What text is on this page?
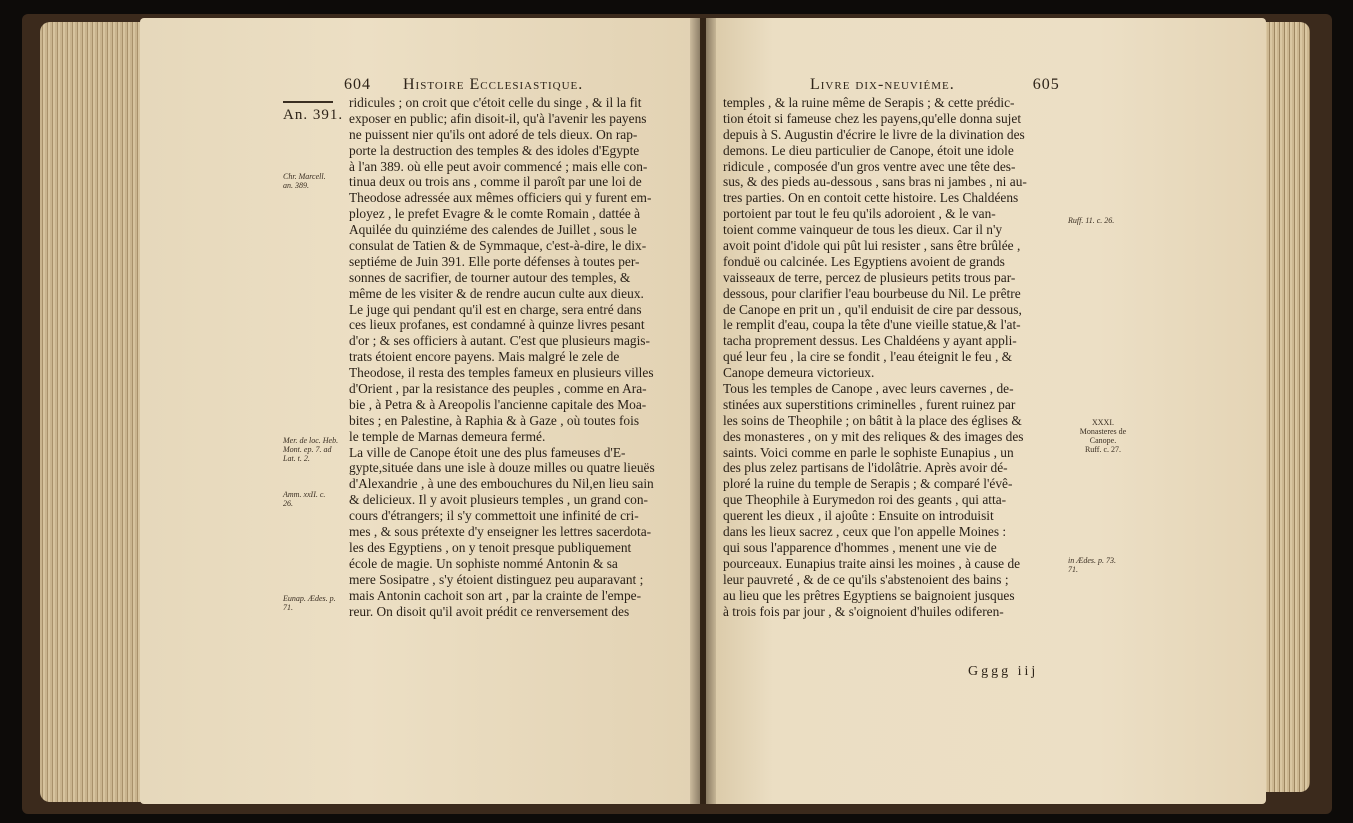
604 Histoire Ecclesiastique.
An. 391.
Chr. Marcell.
an. 389.
Mer. de loc. Heb.
Mont. ep. 7. ad
Lat. t. 2.
Amm. xxII. c.
26.
Eunap. Ædes. p.
71.
ridicules ; on croit que c'étoit celle du singe , & il la fit
exposer en public; afin disoit-il, qu'à l'avenir les payens
ne puissent nier qu'ils ont adoré de tels dieux. On rap-
porte la destruction des temples & des idoles d'Egypte
à l'an 389. où elle peut avoir commencé ; mais elle con-
tinua deux ou trois ans , comme il paroît par une loi de
Theodose adressée aux mêmes officiers qui y furent em-
ployez , le prefet Evagre & le comte Romain , dattée à
Aquilée du quinziéme des calendes de Juillet , sous le
consulat de Tatien & de Symmaque, c'est-à-dire, le dix-
septiéme de Juin 391. Elle porte défenses à toutes per-
sonnes de sacrifier, de tourner autour des temples, &
même de les visiter & de rendre aucun culte aux dieux.
Le juge qui pendant qu'il est en charge, sera entré dans
ces lieux profanes, est condamné à quinze livres pesant
d'or ; & ses officiers à autant. C'est que plusieurs magis-
trats étoient encore payens. Mais malgré le zele de
Theodose, il resta des temples fameux en plusieurs villes
d'Orient , par la resistance des peuples , comme en Ara-
bie , à Petra & à Areopolis l'ancienne capitale des Moa-
bites ; en Palestine, à Raphia & à Gaze , où toutes fois
le temple de Marnas demeura fermé.
La ville de Canope étoit une des plus fameuses d'E-
gypte,située dans une isle à douze milles ou quatre lieuës
d'Alexandrie , à une des embouchures du Nil,en lieu sain
& delicieux. Il y avoit plusieurs temples , un grand con-
cours d'étrangers; il s'y commettoit une infinité de cri-
mes , & sous prétexte d'y enseigner les lettres sacerdota-
les des Egyptiens , on y tenoit presque publiquement
école de magie. Un sophiste nommé Antonin & sa
mere Sosipatre , s'y étoient distinguez peu auparavant ;
mais Antonin cachoit son art , par la crainte de l'empe-
reur. On disoit qu'il avoit prédit ce renversement des
Livre dix-neuviéme.	605
temples , & la ruine même de Serapis ; & cette prédic-
tion étoit si fameuse chez les payens,qu'elle donna sujet
depuis à S. Augustin d'écrire le livre de la divination des
demons. Le dieu particulier de Canope, étoit une idole
ridicule , composée d'un gros ventre avec une tête des-
sus, & des pieds au-dessous , sans bras ni jambes , ni au-
tres parties. On en contoit cette histoire. Les Chaldéens
portoient par tout le feu qu'ils adoroient , & le van-
toient comme vainqueur de tous les dieux. Car il n'y
avoit point d'idole qui pût lui resister , sans être brûlée ,
fonduë ou calcinée. Les Egyptiens avoient de grands
vaisseaux de terre, percez de plusieurs petits trous par-
dessous, pour clarifier l'eau bourbeuse du Nil. Le prêtre
de Canope en prit un , qu'il enduisit de cire par dessous,
le remplit d'eau, coupa la tête d'une vieille statue,& l'at-
tacha proprement dessus. Les Chaldéens y ayant appli-
qué leur feu , la cire se fondit , l'eau éteignit le feu , &
Canope demeura victorieux.
Tous les temples de Canope , avec leurs cavernes , de-
stinées aux superstitions criminelles , furent ruinez par
les soins de Theophile ; on bâtit à la place des églises &
des monasteres , on y mit des reliques & des images des
saints. Voici comme en parle le sophiste Eunapius , un
des plus zelez partisans de l'idolâtrie. Après avoir dé-
ploré la ruine du temple de Serapis ; & comparé l'évê-
que Theophile à Eurymedon roi des geants , qui atta-
querent les dieux , il ajoûte : Ensuite on introduisit
dans les lieux sacrez , ceux que l'on appelle Moines :
qui sous l'apparence d'hommes , menent une vie de
pourceaux. Eunapius traite ainsi les moines , à cause de
leur pauvreté , & de ce qu'ils s'abstenoient des bains ;
au lieu que les prêtres Egyptiens se baignoient jusques
à trois fois par jour , & s'oignoient d'huiles odiferen-
Ruff. 11. c. 26.
XXXI.
Monasteres de
Canope.
Ruff. c. 27.
in Ædes. p. 73.
71.
Gggg iij
